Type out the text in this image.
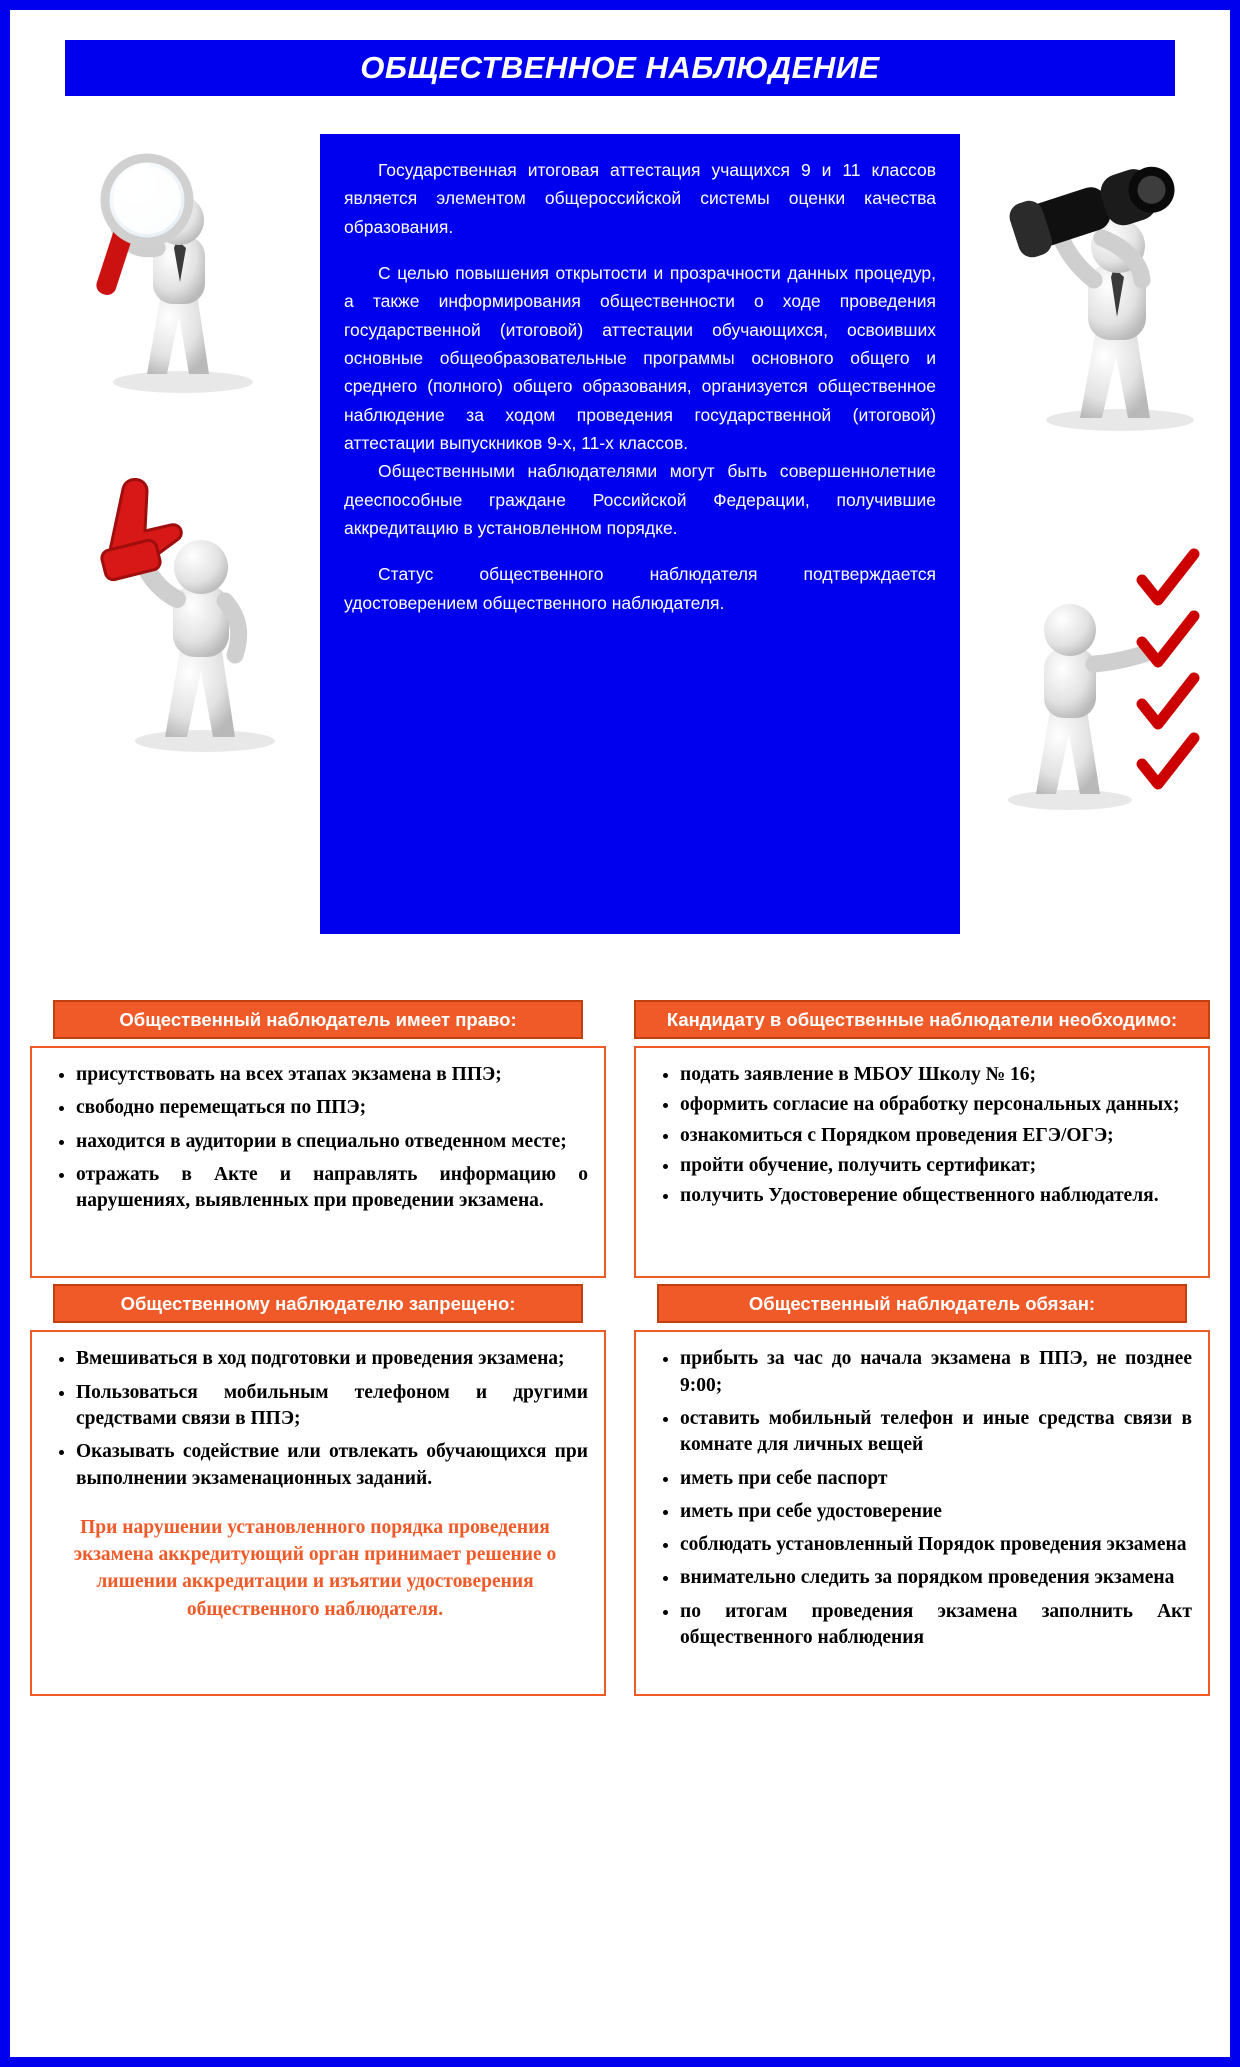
ОБЩЕСТВЕННОЕ НАБЛЮДЕНИЕ

Государственная итоговая аттестация учащихся 9 и 11 классов является элементом общероссийской системы оценки качества образования.

С целью повышения открытости и прозрачности данных процедур, а также информирования общественности о ходе проведения государственной (итоговой) аттестации обучающихся, освоивших основные общеобразовательные программы основного общего и среднего (полного) общего образования, организуется общественное наблюдение за ходом проведения государственной (итоговой) аттестации выпускников 9-х, 11-х классов.

Общественными наблюдателями могут быть совершеннолетние дееспособные граждане Российской Федерации, получившие аккредитацию в установленном порядке.

Статус общественного наблюдателя подтверждается удостоверением общественного наблюдателя.

Общественный наблюдатель имеет право:
• присутствовать на всех этапах экзамена в ППЭ;
• свободно перемещаться по ППЭ;
• находится в аудитории в специально отведенном месте;
• отражать в Акте и направлять информацию о нарушениях, выявленных при проведении экзамена.
Кандидату в общественные наблюдатели необходимо:
• подать заявление в МБОУ Школу № 16;
• оформить согласие на обработку персональных данных;
• ознакомиться с Порядком проведения ЕГЭ/ОГЭ;
• пройти обучение, получить сертификат;
• получить Удостоверение общественного наблюдателя.
Общественному наблюдателю запрещено:
• Вмешиваться в ход подготовки и проведения экзамена;
• Пользоваться мобильным телефоном и другими средствами связи в ППЭ;
• Оказывать содействие или отвлекать обучающихся при выполнении экзаменационных заданий.
При нарушении установленного порядка проведения экзамена аккредитующий орган принимает решение о лишении аккредитации и изъятии удостоверения общественного наблюдателя.
Общественный наблюдатель обязан:
• прибыть за час до начала экзамена в ППЭ, не позднее 9:00;
• оставить мобильный телефон и иные средства связи в комнате для личных вещей
• иметь при себе паспорт
• иметь при себе удостоверение
• соблюдать установленный Порядок проведения экзамена
• внимательно следить за порядком проведения экзамена
• по итогам проведения экзамена заполнить Акт общественного наблюдения
